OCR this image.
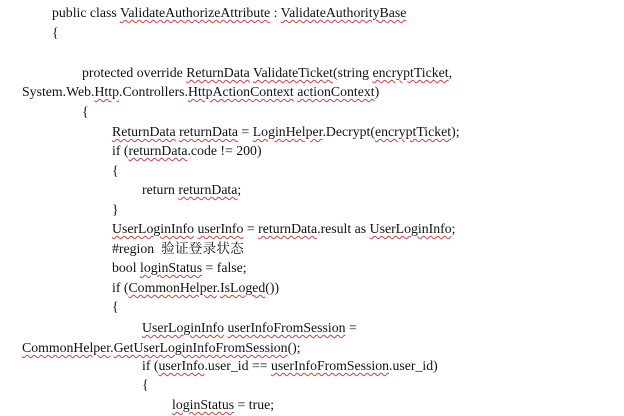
public class ValidateAuthorizeAttribute : ValidateAuthorityBase
{
protected override ReturnData ValidateTicket(string encryptTicket,
System.Web.Http.Controllers.HttpActionContext actionContext)
{
ReturnData returnData = LoginHelper.Decrypt(encryptTicket);
if (returnData.code != 200)
{
return returnData;
}
UserLoginInfo userInfo = returnData.result as UserLoginInfo;
#region  验证登录状态
bool loginStatus = false;
if (CommonHelper.IsLoged())
{
UserLoginInfo userInfoFromSession =
CommonHelper.GetUserLoginInfoFromSession();
if (userInfo.user_id == userInfoFromSession.user_id)
{
loginStatus = true;
